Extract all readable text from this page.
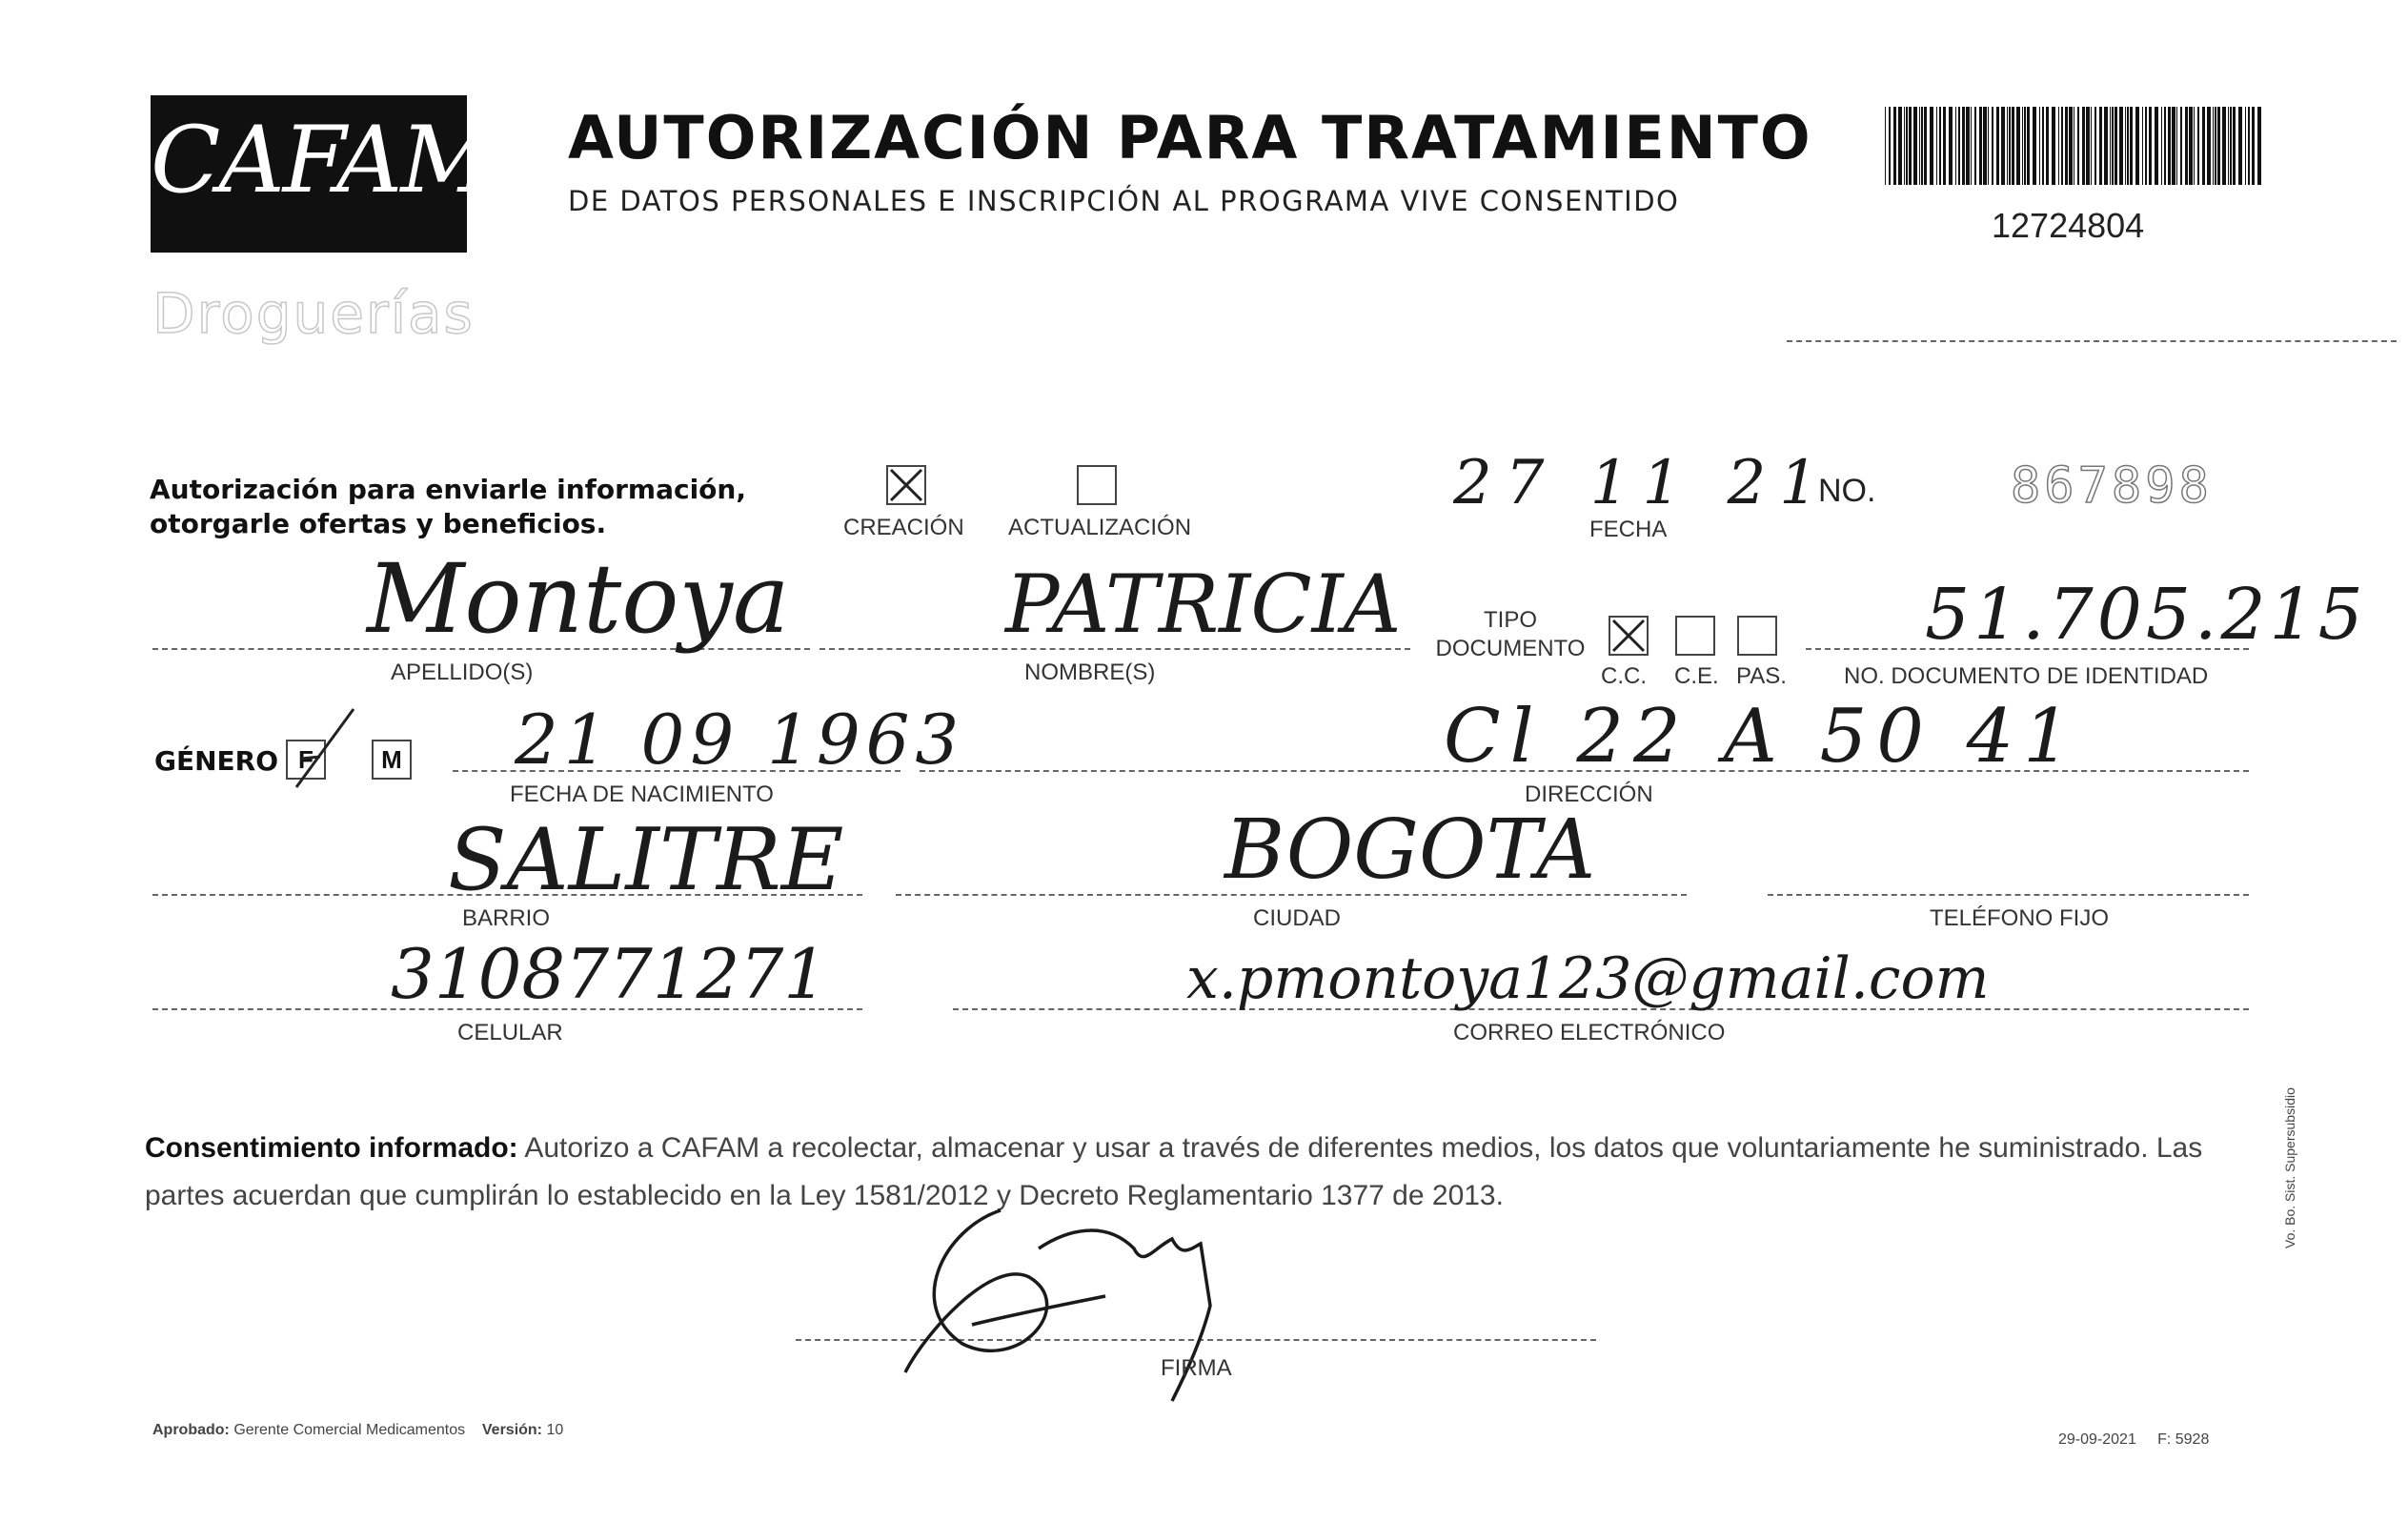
CAFAM
Droguerías
AUTORIZACIÓN PARA TRATAMIENTO
DE DATOS PERSONALES E INSCRIPCIÓN AL PROGRAMA VIVE CONSENTIDO
12724804
Autorización para enviarle información, otorgarle ofertas y beneficios.	CREACIÓN ACTUALIZACIÓN
27 11 21
FECHA
NO.	867898
Montoya
APELLIDO(S)
PATRICIA
NOMBRE(S)
TIPO DOCUMENTO
C.C. C.E. PAS.
51.705.215
NO. DOCUMENTO DE IDENTIDAD
GÉNERO F	M 21 09 1963
FECHA DE NACIMIENTO
Cl 22 A 50 41
DIRECCIÓN
SALITRE
BARRIO
BOGOTA
CIUDAD	TELÉFONO FIJO
3108771271
CELULAR
x.pmontoya123@gmail.com
CORREO ELECTRÓNICO
Consentimiento informado: Autorizo a CAFAM a recolectar, almacenar y usar a través de diferentes medios, los datos que voluntariamente he suministrado. Las partes acuerdan que cumplirán lo establecido en la Ley 1581/2012 y Decreto Reglamentario 1377 de 2013.
FIRMA
Aprobado: Gerente Comercial Medicamentos Versión: 10
29-09-2021 F: 5928
Vo. Bo. Sist. Supersubsidio
